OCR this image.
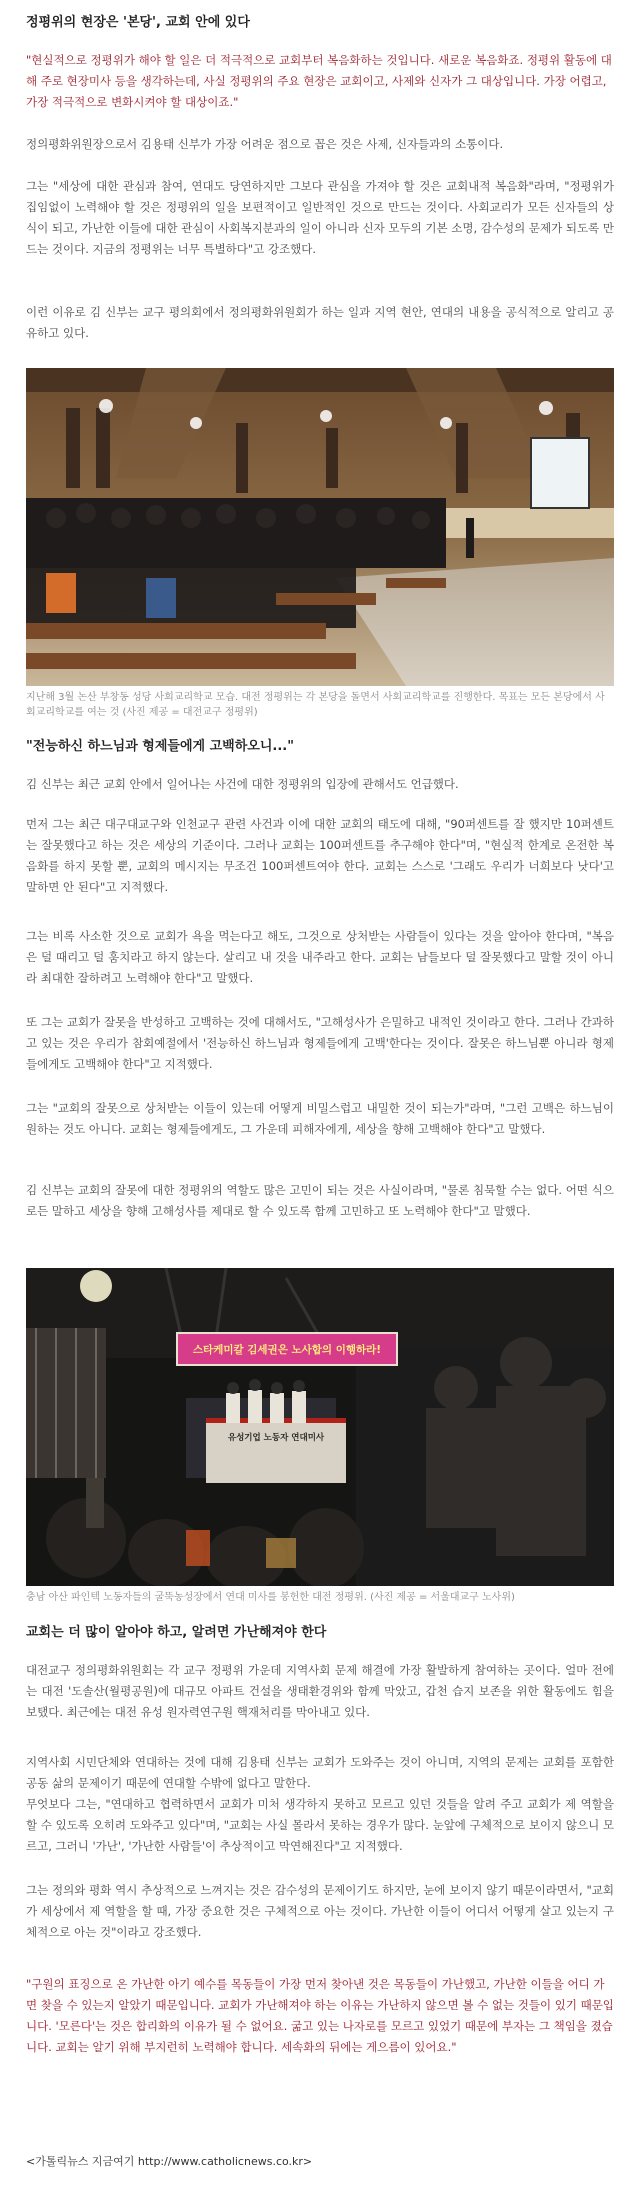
정평위의 현장은 '본당', 교회 안에 있다

"현실적으로 정평위가 해야 할 일은 더 적극적으로 교회부터 복음화하는 것입니다. 새로운 복음화죠. 정평위 활동에 대해 주로 현장미사 등을 생각하는데, 사실 정평위의 주요 현장은 교회이고, 사제와 신자가 그 대상입니다. 가장 어렵고, 가장 적극적으로 변화시켜야 할 대상이죠."

정의평화위원장으로서 김용태 신부가 가장 어려운 점으로 꼽은 것은 사제, 신자들과의 소통이다.

그는 "세상에 대한 관심과 참여, 연대도 당연하지만 그보다 관심을 가져야 할 것은 교회내적 복음화"라며, "정평위가 집임없이 노력해야 할 것은 정평위의 일을 보편적이고 일반적인 것으로 만드는 것이다. 사회교리가 모든 신자들의 상식이 되고, 가난한 이들에 대한 관심이 사회복지분과의 일이 아니라 신자 모두의 기본 소명, 감수성의 문제가 되도록 만드는 것이다. 지금의 정평위는 너무 특별하다"고 강조했다.

이런 이유로 김 신부는 교구 평의회에서 정의평화위원회가 하는 일과 지역 현안, 연대의 내용을 공식적으로 알리고 공유하고 있다.

지난해 3월 논산 부창동 성당 사회교리학교 모습. 대전 정평위는 각 본당을 돌면서 사회교리학교를 진행한다. 목표는 모든 본당에서 사회교리학교를 여는 것 (사진 제공 = 대전교구 정평위)

"전능하신 하느님과 형제들에게 고백하오니..."

김 신부는 최근 교회 안에서 일어나는 사건에 대한 정평위의 입장에 관해서도 언급했다.

먼저 그는 최근 대구대교구와 인천교구 관련 사건과 이에 대한 교회의 태도에 대해, "90퍼센트를 잘 했지만 10퍼센트는 잘못했다고 하는 것은 세상의 기준이다. 그러나 교회는 100퍼센트를 추구해야 한다"며, "현실적 한계로 온전한 복음화를 하지 못할 뿐, 교회의 메시지는 무조건 100퍼센트여야 한다. 교회는 스스로 '그래도 우리가 너희보다 낫다'고 말하면 안 된다"고 지적했다.

그는 비록 사소한 것으로 교회가 욕을 먹는다고 해도, 그것으로 상처받는 사람들이 있다는 것을 알아야 한다며, "복음은 덜 때리고 덜 훔치라고 하지 않는다. 살리고 내 것을 내주라고 한다. 교회는 남들보다 덜 잘못했다고 말할 것이 아니라 최대한 잘하려고 노력해야 한다"고 말했다.

또 그는 교회가 잘못을 반성하고 고백하는 것에 대해서도, "고해성사가 은밀하고 내적인 것이라고 한다. 그러나 간과하고 있는 것은 우리가 참회예절에서 '전능하신 하느님과 형제들에게 고백'한다는 것이다. 잘못은 하느님뿐 아니라 형제들에게도 고백해야 한다"고 지적했다.

그는 "교회의 잘못으로 상처받는 이들이 있는데 어떻게 비밀스럽고 내밀한 것이 되는가"라며, "그런 고백은 하느님이 원하는 것도 아니다. 교회는 형제들에게도, 그 가운데 피해자에게, 세상을 향해 고백해야 한다"고 말했다.

김 신부는 교회의 잘못에 대한 정평위의 역할도 많은 고민이 되는 것은 사실이라며, "물론 침묵할 수는 없다. 어떤 식으로든 말하고 세상을 향해 고해성사를 제대로 할 수 있도록 함께 고민하고 또 노력해야 한다"고 말했다.

스타케미칼 김세권은 노사합의 이행하라!
유성기업 노동자 연대미사

충남 아산 파인텍 노동자들의 굴뚝농성장에서 연대 미사를 봉헌한 대전 정평위. (사진 제공 = 서울대교구 노사위)

교회는 더 많이 알아야 하고, 알려면 가난해져야 한다

대전교구 정의평화위원회는 각 교구 정평위 가운데 지역사회 문제 해결에 가장 활발하게 참여하는 곳이다. 얼마 전에는 대전 '도솔산(월평공원)에 대규모 아파트 건설을 생태환경위와 함께 막았고, 갑천 습지 보존을 위한 활동에도 힘을 보탰다. 최근에는 대전 유성 원자력연구원 핵재처리를 막아내고 있다.

지역사회 시민단체와 연대하는 것에 대해 김용태 신부는 교회가 도와주는 것이 아니며, 지역의 문제는 교회를 포함한 공동 삶의 문제이기 때문에 연대할 수밖에 없다고 말한다.

무엇보다 그는, "연대하고 협력하면서 교회가 미처 생각하지 못하고 모르고 있던 것들을 알려 주고 교회가 제 역할을 할 수 있도록 오히려 도와주고 있다"며, "교회는 사실 몰라서 못하는 경우가 많다. 눈앞에 구체적으로 보이지 않으니 모르고, 그러니 '가난', '가난한 사람들'이 추상적이고 막연해진다"고 지적했다.

그는 정의와 평화 역시 추상적으로 느껴지는 것은 감수성의 문제이기도 하지만, 눈에 보이지 않기 때문이라면서, "교회가 세상에서 제 역할을 할 때, 가장 중요한 것은 구체적으로 아는 것이다. 가난한 이들이 어디서 어떻게 살고 있는지 구체적으로 아는 것"이라고 강조했다.

"구원의 표징으로 온 가난한 아기 예수를 목동들이 가장 먼저 찾아낸 것은 목동들이 가난했고, 가난한 이들을 어디 가면 찾을 수 있는지 알았기 때문입니다. 교회가 가난해져야 하는 이유는 가난하지 않으면 볼 수 없는 것들이 있기 때문입니다. '모른다'는 것은 합리화의 이유가 될 수 없어요. 굶고 있는 나자로를 모르고 있었기 때문에 부자는 그 책임을 졌습니다. 교회는 알기 위해 부지런히 노력해야 합니다. 세속화의 뒤에는 게으름이 있어요."

<가톨릭뉴스 지금여기 http://www.catholicnews.co.kr>
